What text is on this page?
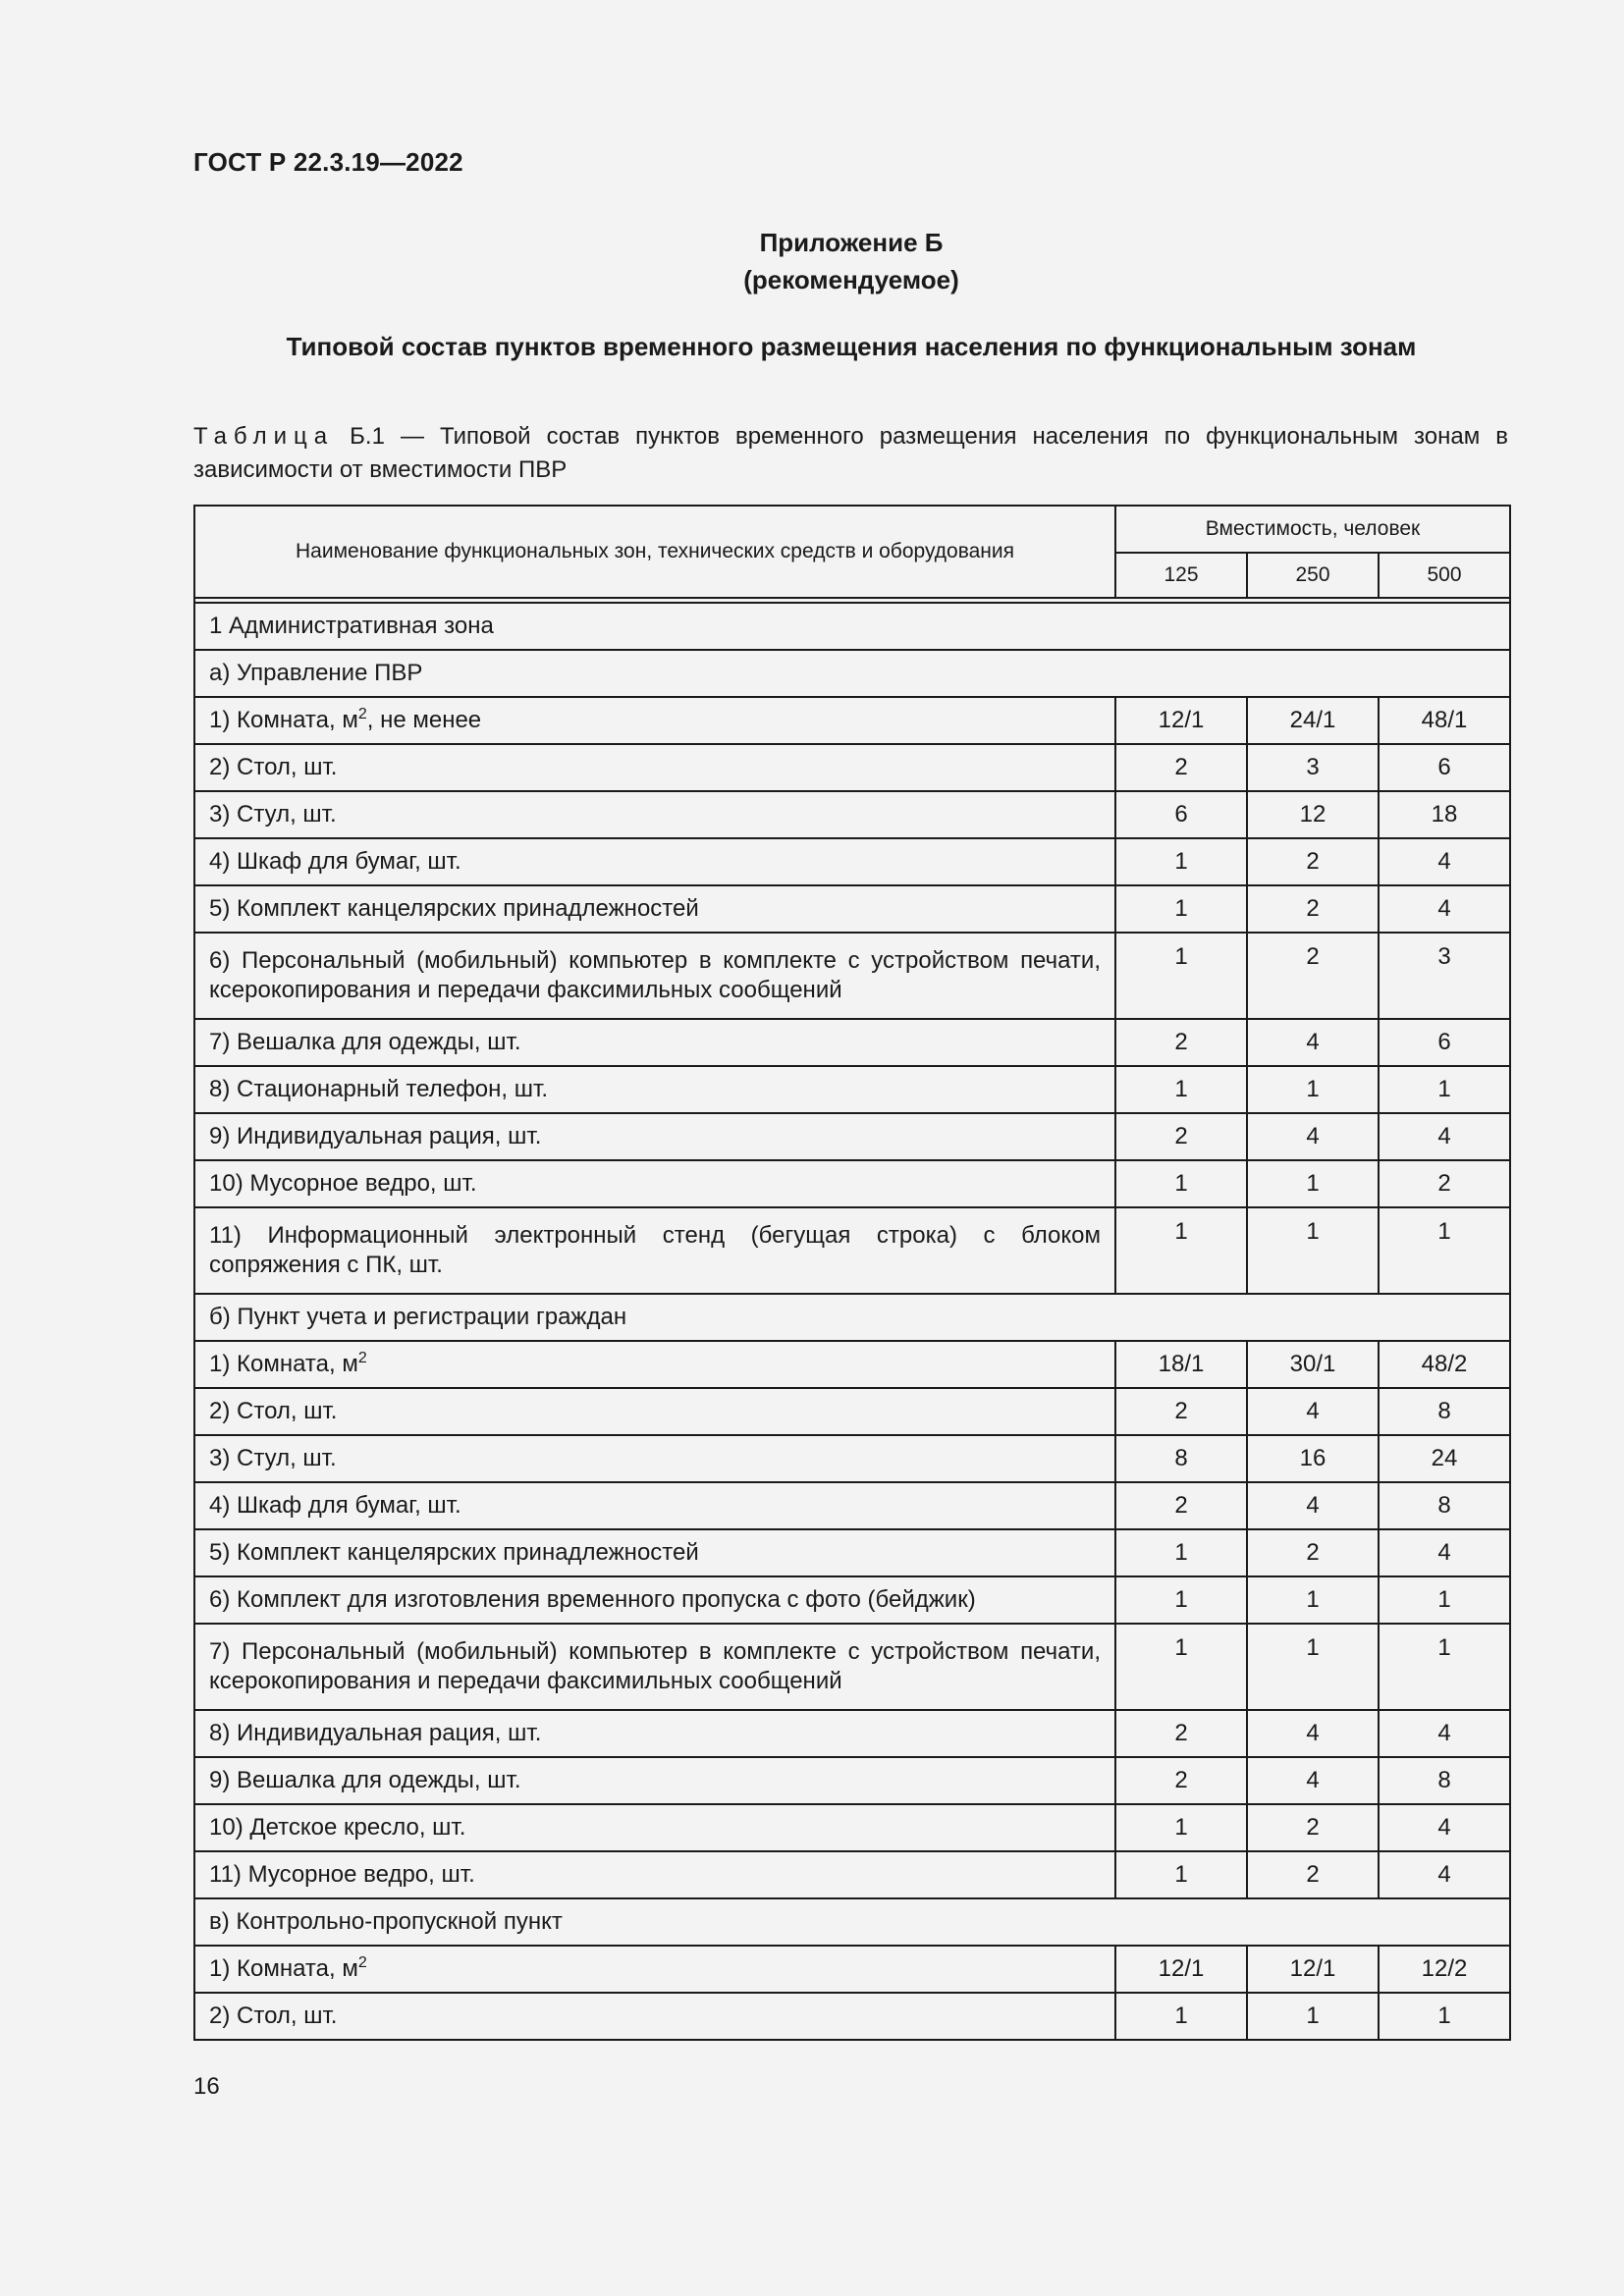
ГОСТ Р 22.3.19—2022
Приложение Б
(рекомендуемое)
Типовой состав пунктов временного размещения населения по функциональным зонам
Таблица Б.1 — Типовой состав пунктов временного размещения населения по функциональным зонам в зависимости от вместимости ПВР
Наименование функциональных зон, технических средств и оборудования	Вместимость, человек		
	125	250	500

1 Административная зона			
а) Управление ПВР			
1) Комната, $м^2$, не менее	12/1	24/1	48/1
2) Стол, шт.	2	3	6
3) Стул, шт.	6	12	18
4) Шкаф для бумаг, шт.	1	2	4
5) Комплект канцелярских принадлежностей	1	2	4
6) Персональный (мобильный) компьютер в комплекте с устройством печати, ксерокопирования и передачи факсимильных сообщений	1	2	3
7) Вешалка для одежды, шт.	2	4	6
8) Стационарный телефон, шт.	1	1	1
9) Индивидуальная рация, шт.	2	4	4
10) Мусорное ведро, шт.	1	1	2
11) Информационный электронный стенд (бегущая строка) с блоком сопряжения с ПК, шт.	1	1	1
б) Пункт учета и регистрации граждан			
1) Комната, $м^2$	18/1	30/1	48/2
2) Стол, шт.	2	4	8
3) Стул, шт.	8	16	24
4) Шкаф для бумаг, шт.	2	4	8
5) Комплект канцелярских принадлежностей	1	2	4
6) Комплект для изготовления временного пропуска с фото (бейджик)	1	1	1
7) Персональный (мобильный) компьютер в комплекте с устройством печати, ксерокопирования и передачи факсимильных сообщений	1	1	1
8) Индивидуальная рация, шт.	2	4	4
9) Вешалка для одежды, шт.	2	4	8
10) Детское кресло, шт.	1	2	4
11) Мусорное ведро, шт.	1	2	4
в) Контрольно-пропускной пункт			
1) Комната, $м^2$	12/1	12/1	12/2
2) Стол, шт.	1	1	1
16
